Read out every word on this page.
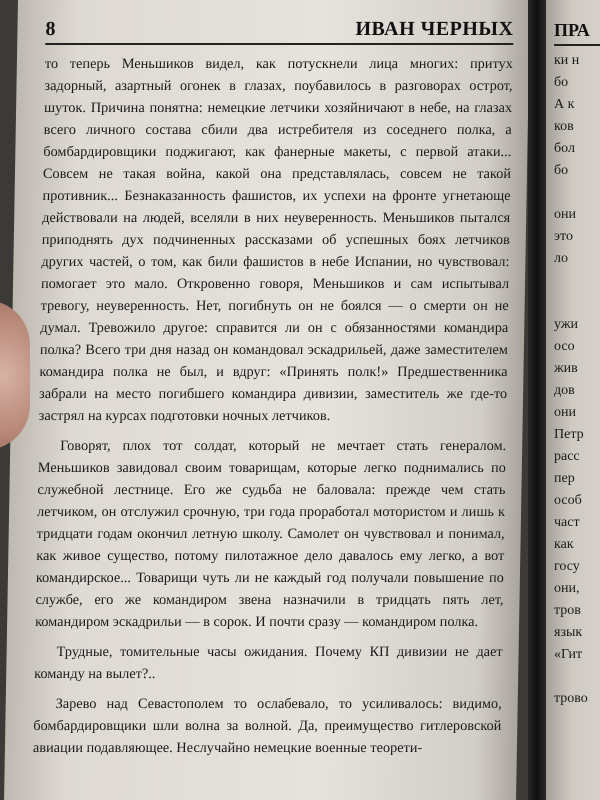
8	ИВАН ЧЕРНЫХ

то теперь Меньшиков видел, как потускнели лица многих: притух задорный, азартный огонек в глазах, поубавилось в разговорах острот, шуток. Причина понятна: немецкие летчики хозяйничают в небе, на глазах всего личного состава сбили два истребителя из соседнего полка, а бомбардировщики поджигают, как фанерные макеты, с первой атаки... Совсем не такая война, какой она представлялась, совсем не такой противник... Безнаказанность фашистов, их успехи на фронте угнетающе действовали на людей, вселяли в них неуверенность. Меньшиков пытался приподнять дух подчиненных рассказами об успешных боях летчиков других частей, о том, как били фашистов в небе Испании, но чувствовал: помогает это мало. Откровенно говоря, Меньшиков и сам испытывал тревогу, неуверенность. Нет, погибнуть он не боялся — о смерти он не думал. Тревожило другое: справится ли он с обязанностями командира полка? Всего три дня назад он командовал эскадрильей, даже заместителем командира полка не был, и вдруг: «Принять полк!» Предшественника забрали на место погибшего командира дивизии, заместитель же где-то застрял на курсах подготовки ночных летчиков.

Говорят, плох тот солдат, который не мечтает стать генералом. Меньшиков завидовал своим товарищам, которые легко поднимались по служебной лестнице. Его же судьба не баловала: прежде чем стать летчиком, он отслужил срочную, три года проработал мотористом и лишь к тридцати годам окончил летную школу. Самолет он чувствовал и понимал, как живое существо, потому пилотажное дело давалось ему легко, а вот командирское... Товарищи чуть ли не каждый год получали повышение по службе, его же командиром звена назначили в тридцать пять лет, командиром эскадрильи — в сорок. И почти сразу — командиром полка.

Трудные, томительные часы ожидания. Почему КП дивизии не дает команду на вылет?..

Зарево над Севастополем то ослабевало, то усиливалось: видимо, бомбардировщики шли волна за волной. Да, преимущество гитлеровской авиации подавляющее. Неслучайно немецкие военные теорети-

ПРА
ки н
бо
А к
ков
бол
бо
они
это
ло
ужи
осо
жив
дов
они
Петр
расс
пер
особ
част
как
госу
они,
тров
язык
«Гит
трово
